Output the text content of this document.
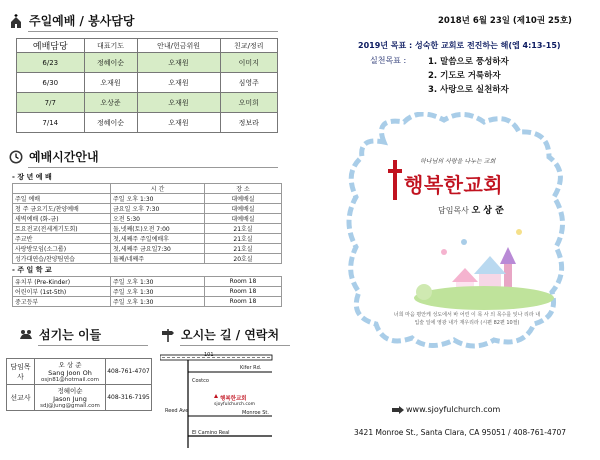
주일예배 / 봉사담당
예배담당	대표기도	안내/헌금위원	친교/정리
6/23	정혜이순	오재원	이미지
6/30	오재원	오재원	심영주
7/7	오상준	오재원	오미희
7/14	정혜이순	오재원	정보라
예배시간안내
- 장 년 예 배
	시 간	장 소
주일 예배	주일 오후 1:30	대예배실
청 주 금요기도/찬양예배	금요일 오후 7:30	대예배실
새벽예배 (화-금)	오전 5:30	대예배실
토요전교(전세계기도회)	둘,넷째(토)오전 7:00	21호실
주교반	첫,세째주 주일예배후	21호실
사랑방모임(소그룹)	첫,세째주 금요일7:30	21호실
성가대연습/찬양팀연습	둘째/네째주	20호실
- 주 일 학 교
유치부 (Pre-Kinder)	주일 오후 1:30	Room 18
어린이부 (1st-5th)	주일 오후 1:30	Room 18
중고등부	주일 오후 1:30	Room 18
섬기는 이들
담임목사	오 상 준
Sang Joon Oh
osjn81@hotmail.com	408-761-4707
선교사	정혜이순
Jason Jung
sdj@jung@gmail.com	408-316-7195
오시는 길 / 연락처
101
Kifer Rd.
Costco
Reed Ave	Monroe St.
El Camino Real
행복한교회
sjoyfulchurch.com
2018년 6월 23일 (제10권 25호)
2019년 목표 : 성숙한 교회로 전진하는 해(엡 4:13-15)
실천목표 :	1. 말씀으로 풍성하자
2. 기도로 거룩하자
3. 사랑으로 실천하자
하나님의 사랑을 나누는 교회
행복한교회
담임목사 오 상 준
너희 마음 평안케 성도에서 바 어린 이 목 사 의 목수를 잊나 리라 내 입술 일에 영광 내가 재우리라 (시편 82편 10절)
www.sjoyfulchurch.com
3421 Monroe St., Santa Clara, CA 95051 / 408-761-4707
